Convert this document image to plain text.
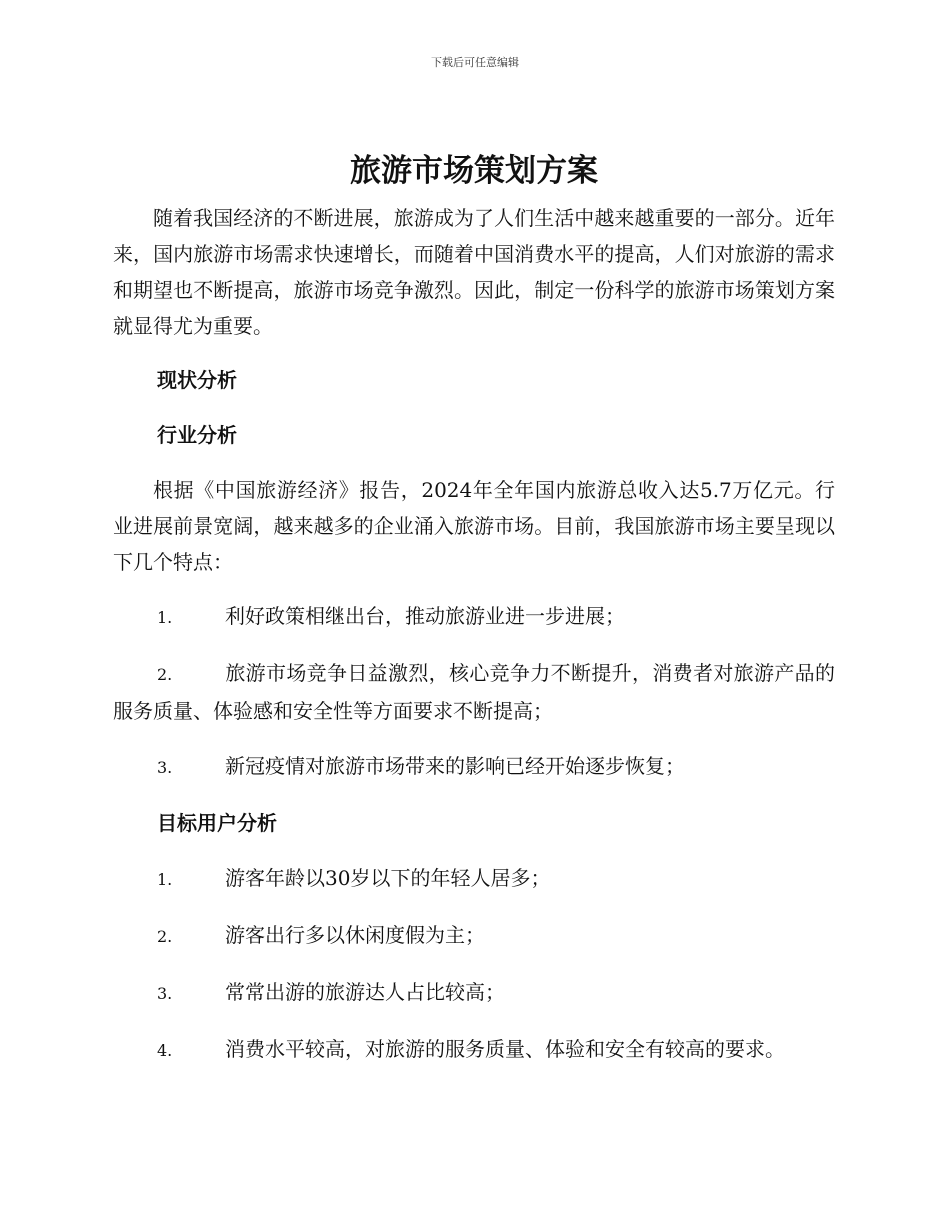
下载后可任意编辑
旅游市场策划方案

随着我国经济的不断进展，旅游成为了人们生活中越来越重要的一部分。近年来，国内旅游市场需求快速增长，而随着中国消费水平的提高，人们对旅游的需求和期望也不断提高，旅游市场竞争激烈。因此，制定一份科学的旅游市场策划方案就显得尤为重要。

现状分析
行业分析

根据《中国旅游经济》报告，2024年全年国内旅游总收入达5.7万亿元。行业进展前景宽阔，越来越多的企业涌入旅游市场。目前，我国旅游市场主要呈现以下几个特点：

1.	利好政策相继出台，推动旅游业进一步进展；
2.	旅游市场竞争日益激烈，核心竞争力不断提升，消费者对旅游产品的服务质量、体验感和安全性等方面要求不断提高；
3.	新冠疫情对旅游市场带来的影响已经开始逐步恢复；
目标用户分析
1.	游客年龄以30岁以下的年轻人居多；
2.	游客出行多以休闲度假为主；
3.	常常出游的旅游达人占比较高；
4.	消费水平较高，对旅游的服务质量、体验和安全有较高的要求。
